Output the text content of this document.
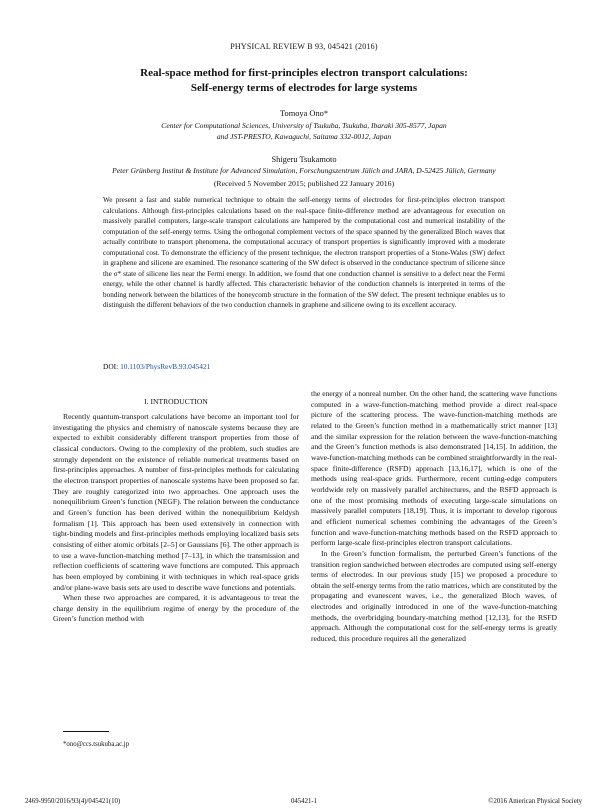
PHYSICAL REVIEW B 93, 045421 (2016)
Real-space method for first-principles electron transport calculations:
Self-energy terms of electrodes for large systems
Tomoya Ono*
Center for Computational Sciences, University of Tsukuba, Tsukuba, Ibaraki 305-8577, Japan
and JST-PRESTO, Kawaguchi, Saitama 332-0012, Japan
Shigeru Tsukamoto
Peter Grünberg Institut & Institute for Advanced Simulation, Forschungszentrum Jülich and JARA, D-52425 Jülich, Germany
(Received 5 November 2015; published 22 January 2016)

We present a fast and stable numerical technique to obtain the self-energy terms of electrodes for first-principles electron transport calculations. Although first-principles calculations based on the real-space finite-difference method are advantageous for execution on massively parallel computers, large-scale transport calculations are hampered by the computational cost and numerical instability of the computation of the self-energy terms. Using the orthogonal complement vectors of the space spanned by the generalized Bloch waves that actually contribute to transport phenomena, the computational accuracy of transport properties is significantly improved with a moderate computational cost. To demonstrate the efficiency of the present technique, the electron transport properties of a Stone-Wales (SW) defect in graphene and silicene are examined. The resonance scattering of the SW defect is observed in the conductance spectrum of silicene since the σ* state of silicene lies near the Fermi energy. In addition, we found that one conduction channel is sensitive to a defect near the Fermi energy, while the other channel is hardly affected. This characteristic behavior of the conduction channels is interpreted in terms of the bonding network between the bilattices of the honeycomb structure in the formation of the SW defect. The present technique enables us to distinguish the different behaviors of the two conduction channels in graphene and silicene owing to its excellent accuracy.

DOI: 10.1103/PhysRevB.93.045421
I. INTRODUCTION

Recently quantum-transport calculations have become an important tool for investigating the physics and chemistry of nanoscale systems because they are expected to exhibit considerably different transport properties from those of classical conductors. Owing to the complexity of the problem, such studies are strongly dependent on the existence of reliable numerical treatments based on first-principles approaches. A number of first-principles methods for calculating the electron transport properties of nanoscale systems have been proposed so far. They are roughly categorized into two approaches. One approach uses the nonequilibrium Green’s function (NEGF). The relation between the conductance and Green’s function has been derived within the nonequilibrium Keldysh formalism [1]. This approach has been used extensively in connection with tight-binding models and first-principles methods employing localized basis sets consisting of either atomic orbitals [2–5] or Gaussians [6]. The other approach is to use a wave-function-matching method [7–13], in which the transmission and reflection coefficients of scattering wave functions are computed. This approach has been employed by combining it with techniques in which real-space grids and/or plane-wave basis sets are used to describe wave functions and potentials.

When these two approaches are compared, it is advantageous to treat the charge density in the equilibrium regime of energy by the procedure of the Green’s function method with

the energy of a nonreal number. On the other hand, the scattering wave functions computed in a wave-function-matching method provide a direct real-space picture of the scattering process. The wave-function-matching methods are related to the Green’s function method in a mathematically strict manner [13] and the similar expression for the relation between the wave-function-matching and the Green’s function methods is also demonstrated [14,15]. In addition, the wave-function-matching methods can be combined straightforwardly in the real-space finite-difference (RSFD) approach [13,16,17], which is one of the methods using real-space grids. Furthermore, recent cutting-edge computers worldwide rely on massively parallel architectures, and the RSFD approach is one of the most promising methods of executing large-scale simulations on massively parallel computers [18,19]. Thus, it is important to develop rigorous and efficient numerical schemes combining the advantages of the Green’s function and wave-function-matching methods based on the RSFD approach to perform large-scale first-principles electron transport calculations.

In the Green’s function formalism, the perturbed Green’s functions of the transition region sandwiched between electrodes are computed using self-energy terms of electrodes. In our previous study [15] we proposed a procedure to obtain the self-energy terms from the ratio matrices, which are constituted by the propagating and evanescent waves, i.e., the generalized Bloch waves, of electrodes and originally introduced in one of the wave-function-matching methods, the overbridging boundary-matching method [12,13], for the RSFD approach. Although the computational cost for the self-energy terms is greatly reduced, this procedure requires all the generalized

*ono@ccs.tsukuba.ac.jp
2469-9950/2016/93(4)/045421(10)	045421-1	©2016 American Physical Society
